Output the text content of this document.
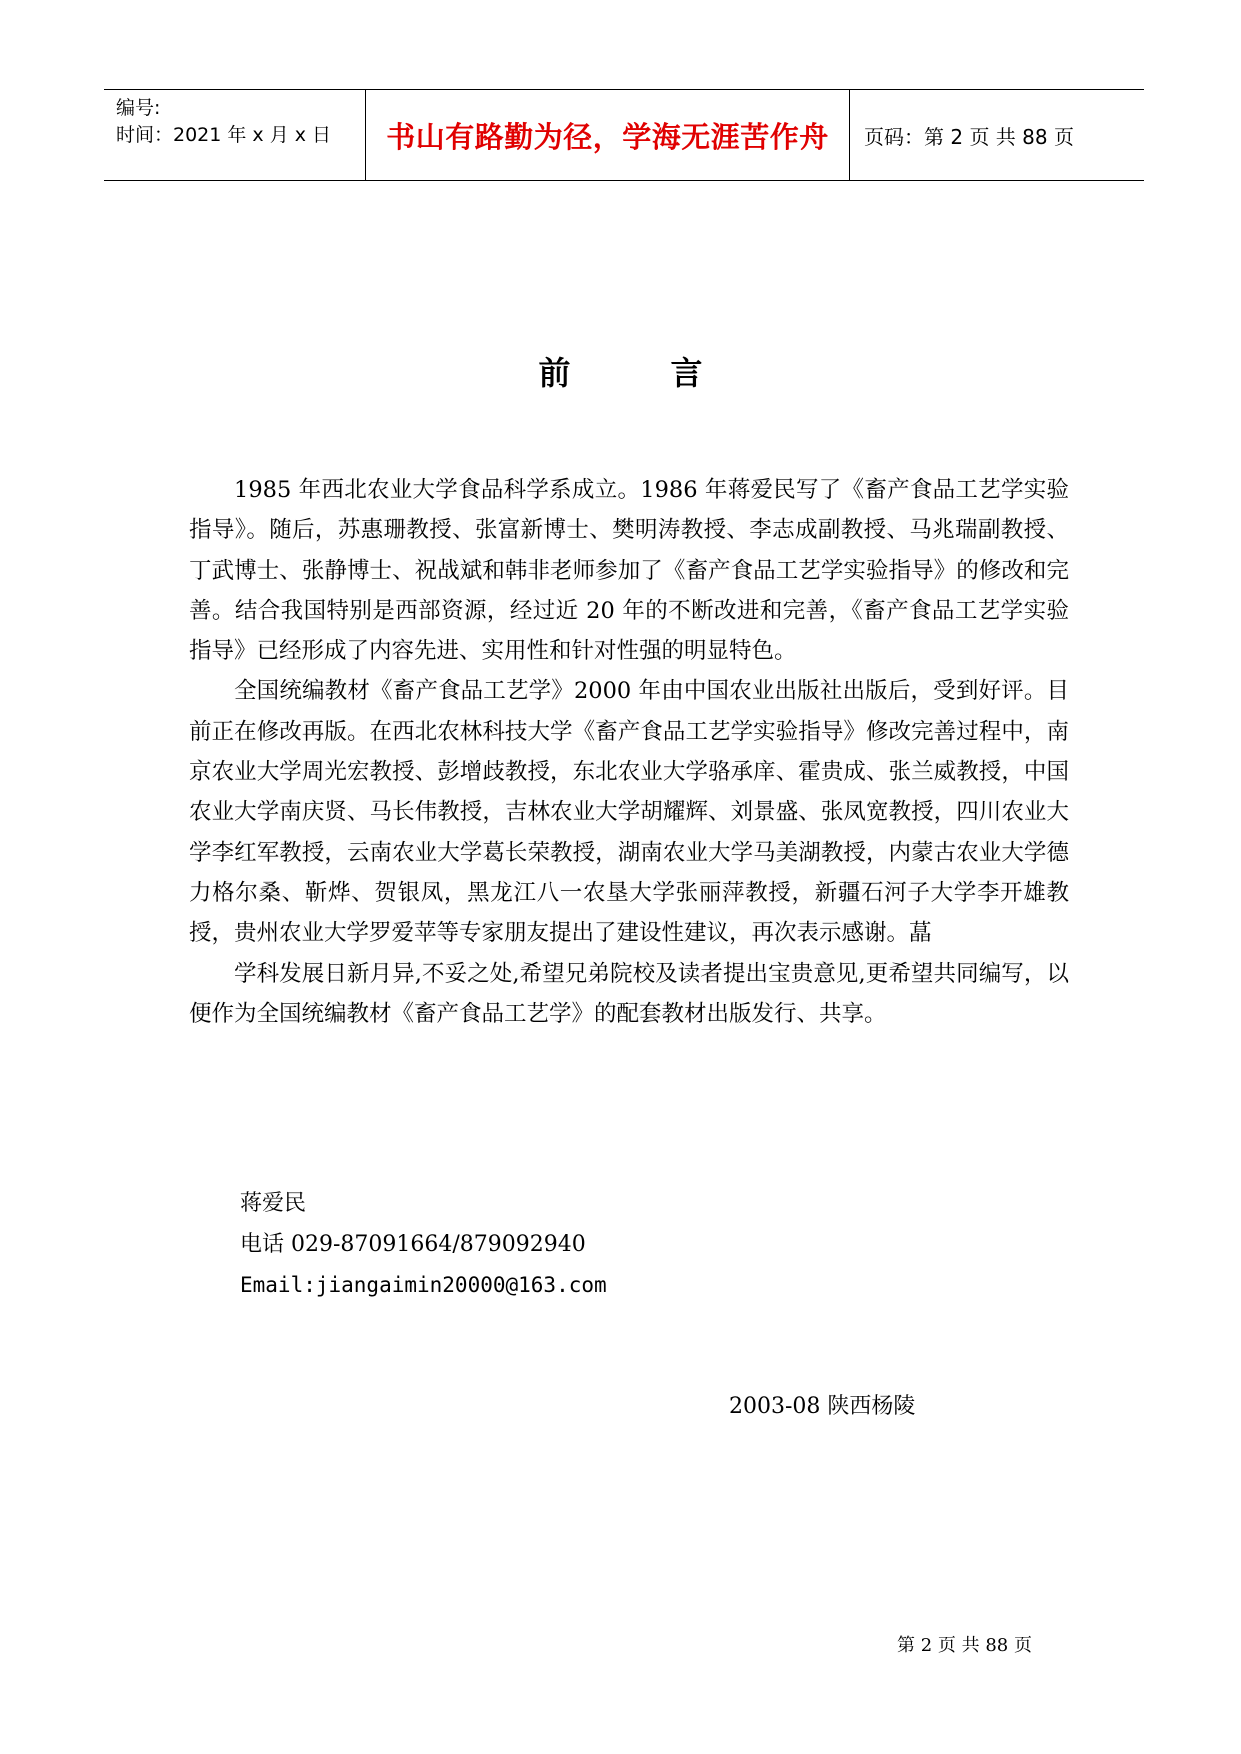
编号:
时间：2021 年 x 月 x 日 书山有路勤为径，学海无涯苦作舟 页码：第 2 页 共 88 页
前言

1985 年西北农业大学食品科学系成立。1986 年蒋爱民写了《畜产食品工艺学实验指导》。随后，苏惠珊教授、张富新博士、樊明涛教授、李志成副教授、马兆瑞副教授、丁武博士、张静博士、祝战斌和韩非老师参加了《畜产食品工艺学实验指导》的修改和完善。结合我国特别是西部资源，经过近 20 年的不断改进和完善，《畜产食品工艺学实验指导》已经形成了内容先进、实用性和针对性强的明显特色。

全国统编教材《畜产食品工艺学》2000 年由中国农业出版社出版后，受到好评。目前正在修改再版。在西北农林科技大学《畜产食品工艺学实验指导》修改完善过程中，南京农业大学周光宏教授、彭增歧教授，东北农业大学骆承庠、霍贵成、张兰威教授，中国农业大学南庆贤、马长伟教授，吉林农业大学胡耀辉、刘景盛、张凤宽教授，四川农业大学李红军教授，云南农业大学葛长荣教授，湖南农业大学马美湖教授，内蒙古农业大学德力格尔桑、靳烨、贺银凤，黑龙江八一农垦大学张丽萍教授，新疆石河子大学李开雄教授，贵州农业大学罗爱苹等专家朋友提出了建设性建议，再次表示感谢。蕌

学科发展日新月异,不妥之处,希望兄弟院校及读者提出宝贵意见,更希望共同编写，以便作为全国统编教材《畜产食品工艺学》的配套教材出版发行、共享。

蒋爱民
电话 029-87091664/879092940
Email:jiangaimin20000@163.com
2003-08 陕西杨陵
第 2 页 共 88 页
